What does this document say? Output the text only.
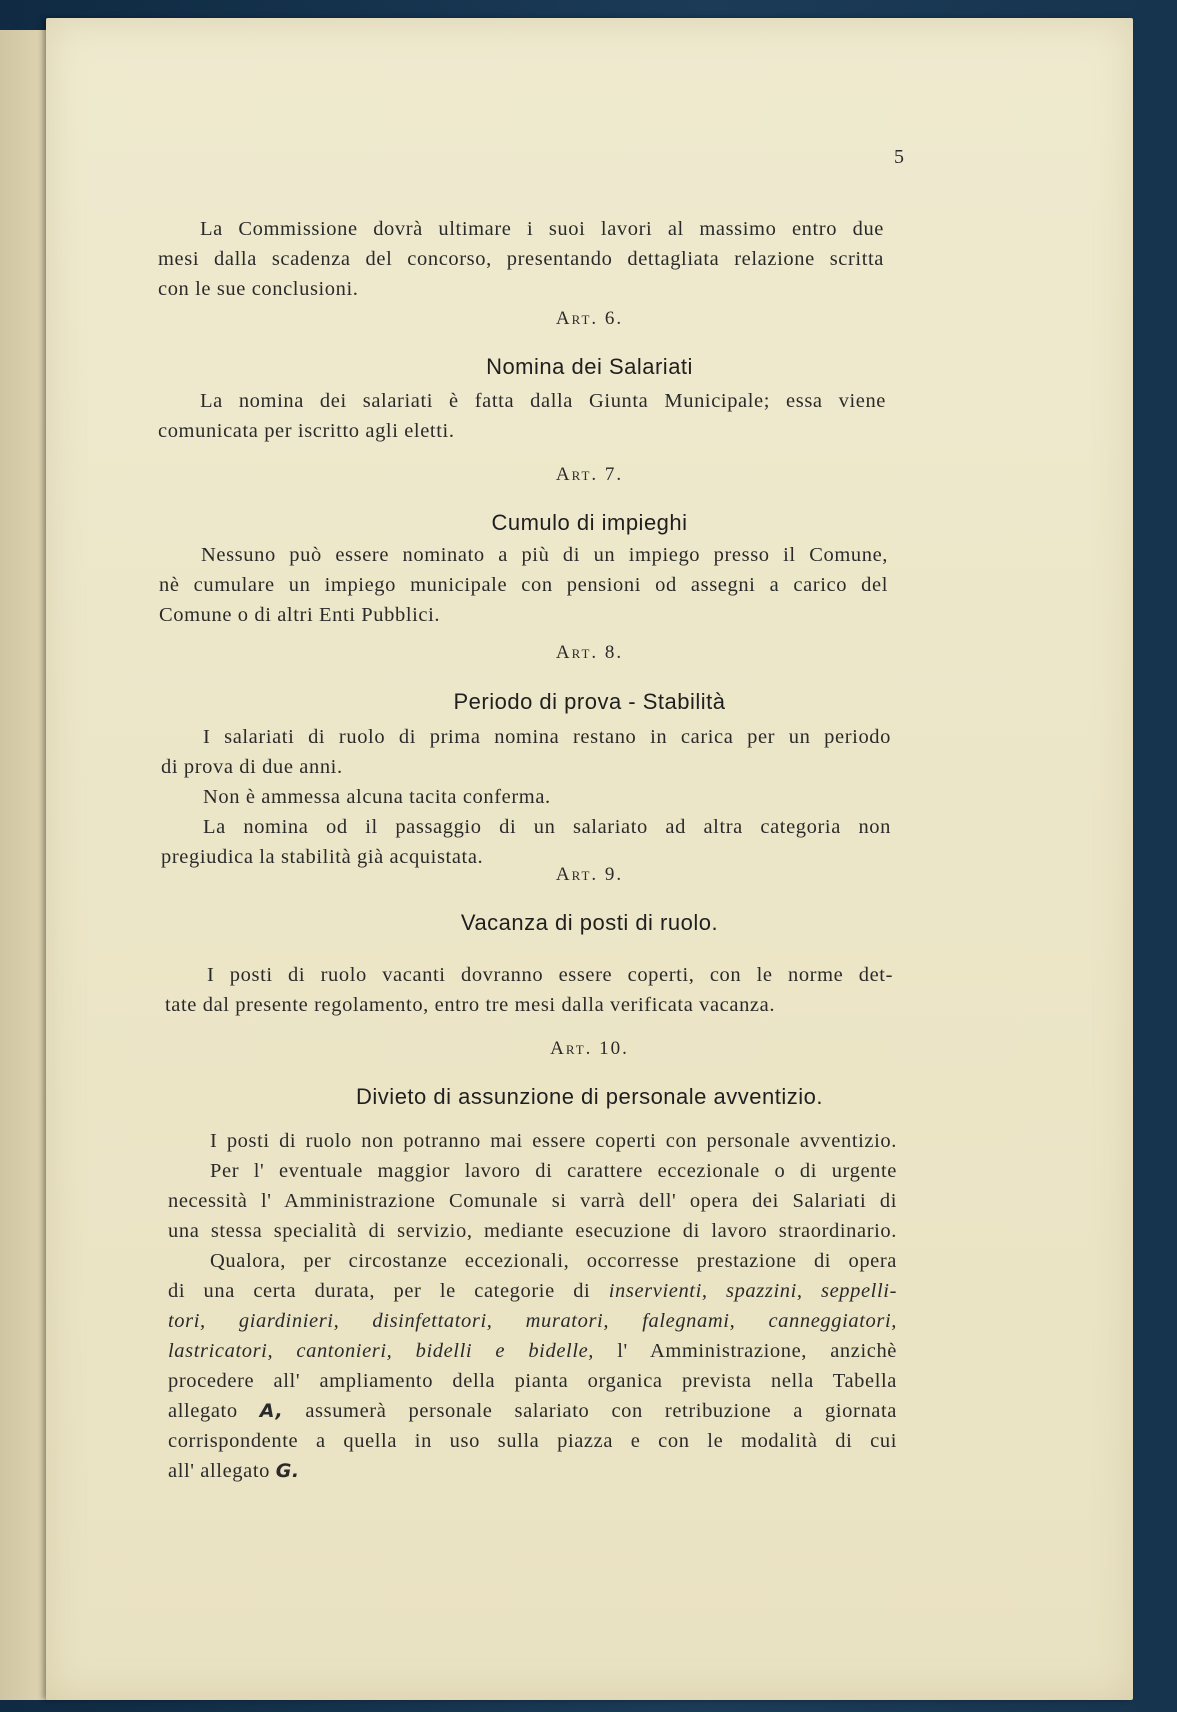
5
La Commissione dovrà ultimare i suoi lavori al massimo entro due
mesi dalla scadenza del concorso, presentando dettagliata relazione scritta
con le sue conclusioni.
Art. 6.
Nomina dei Salariati
La nomina dei salariati è fatta dalla Giunta Municipale; essa viene
comunicata per iscritto agli eletti.
Art. 7.
Cumulo di impieghi
Nessuno può essere nominato a più di un impiego presso il Comune,
nè cumulare un impiego municipale con pensioni od assegni a carico del
Comune o di altri Enti Pubblici.
Art. 8.
Periodo di prova - Stabilità
I salariati di ruolo di prima nomina restano in carica per un periodo
di prova di due anni.
Non è ammessa alcuna tacita conferma.
La nomina od il passaggio di un salariato ad altra categoria non
pregiudica la stabilità già acquistata.
Art. 9.
Vacanza di posti di ruolo.
I posti di ruolo vacanti dovranno essere coperti, con le norme det-
tate dal presente regolamento, entro tre mesi dalla verificata vacanza.
Art. 10.
Divieto di assunzione di personale avventizio.
I posti di ruolo non potranno mai essere coperti con personale avventizio.
Per l' eventuale maggior lavoro di carattere eccezionale o di urgente
necessità l' Amministrazione Comunale si varrà dell' opera dei Salariati di
una stessa specialità di servizio, mediante esecuzione di lavoro straordinario.
Qualora, per circostanze eccezionali, occorresse prestazione di opera
di una certa durata, per le categorie di inservienti, spazzini, seppelli-
tori, giardinieri, disinfettatori, muratori, falegnami, canneggiatori,
lastricatori, cantonieri, bidelli e bidelle, l' Amministrazione, anzichè
procedere all' ampliamento della pianta organica prevista nella Tabella
allegato A, assumerà personale salariato con retribuzione a giornata
corrispondente a quella in uso sulla piazza e con le modalità di cui
all' allegato G.
